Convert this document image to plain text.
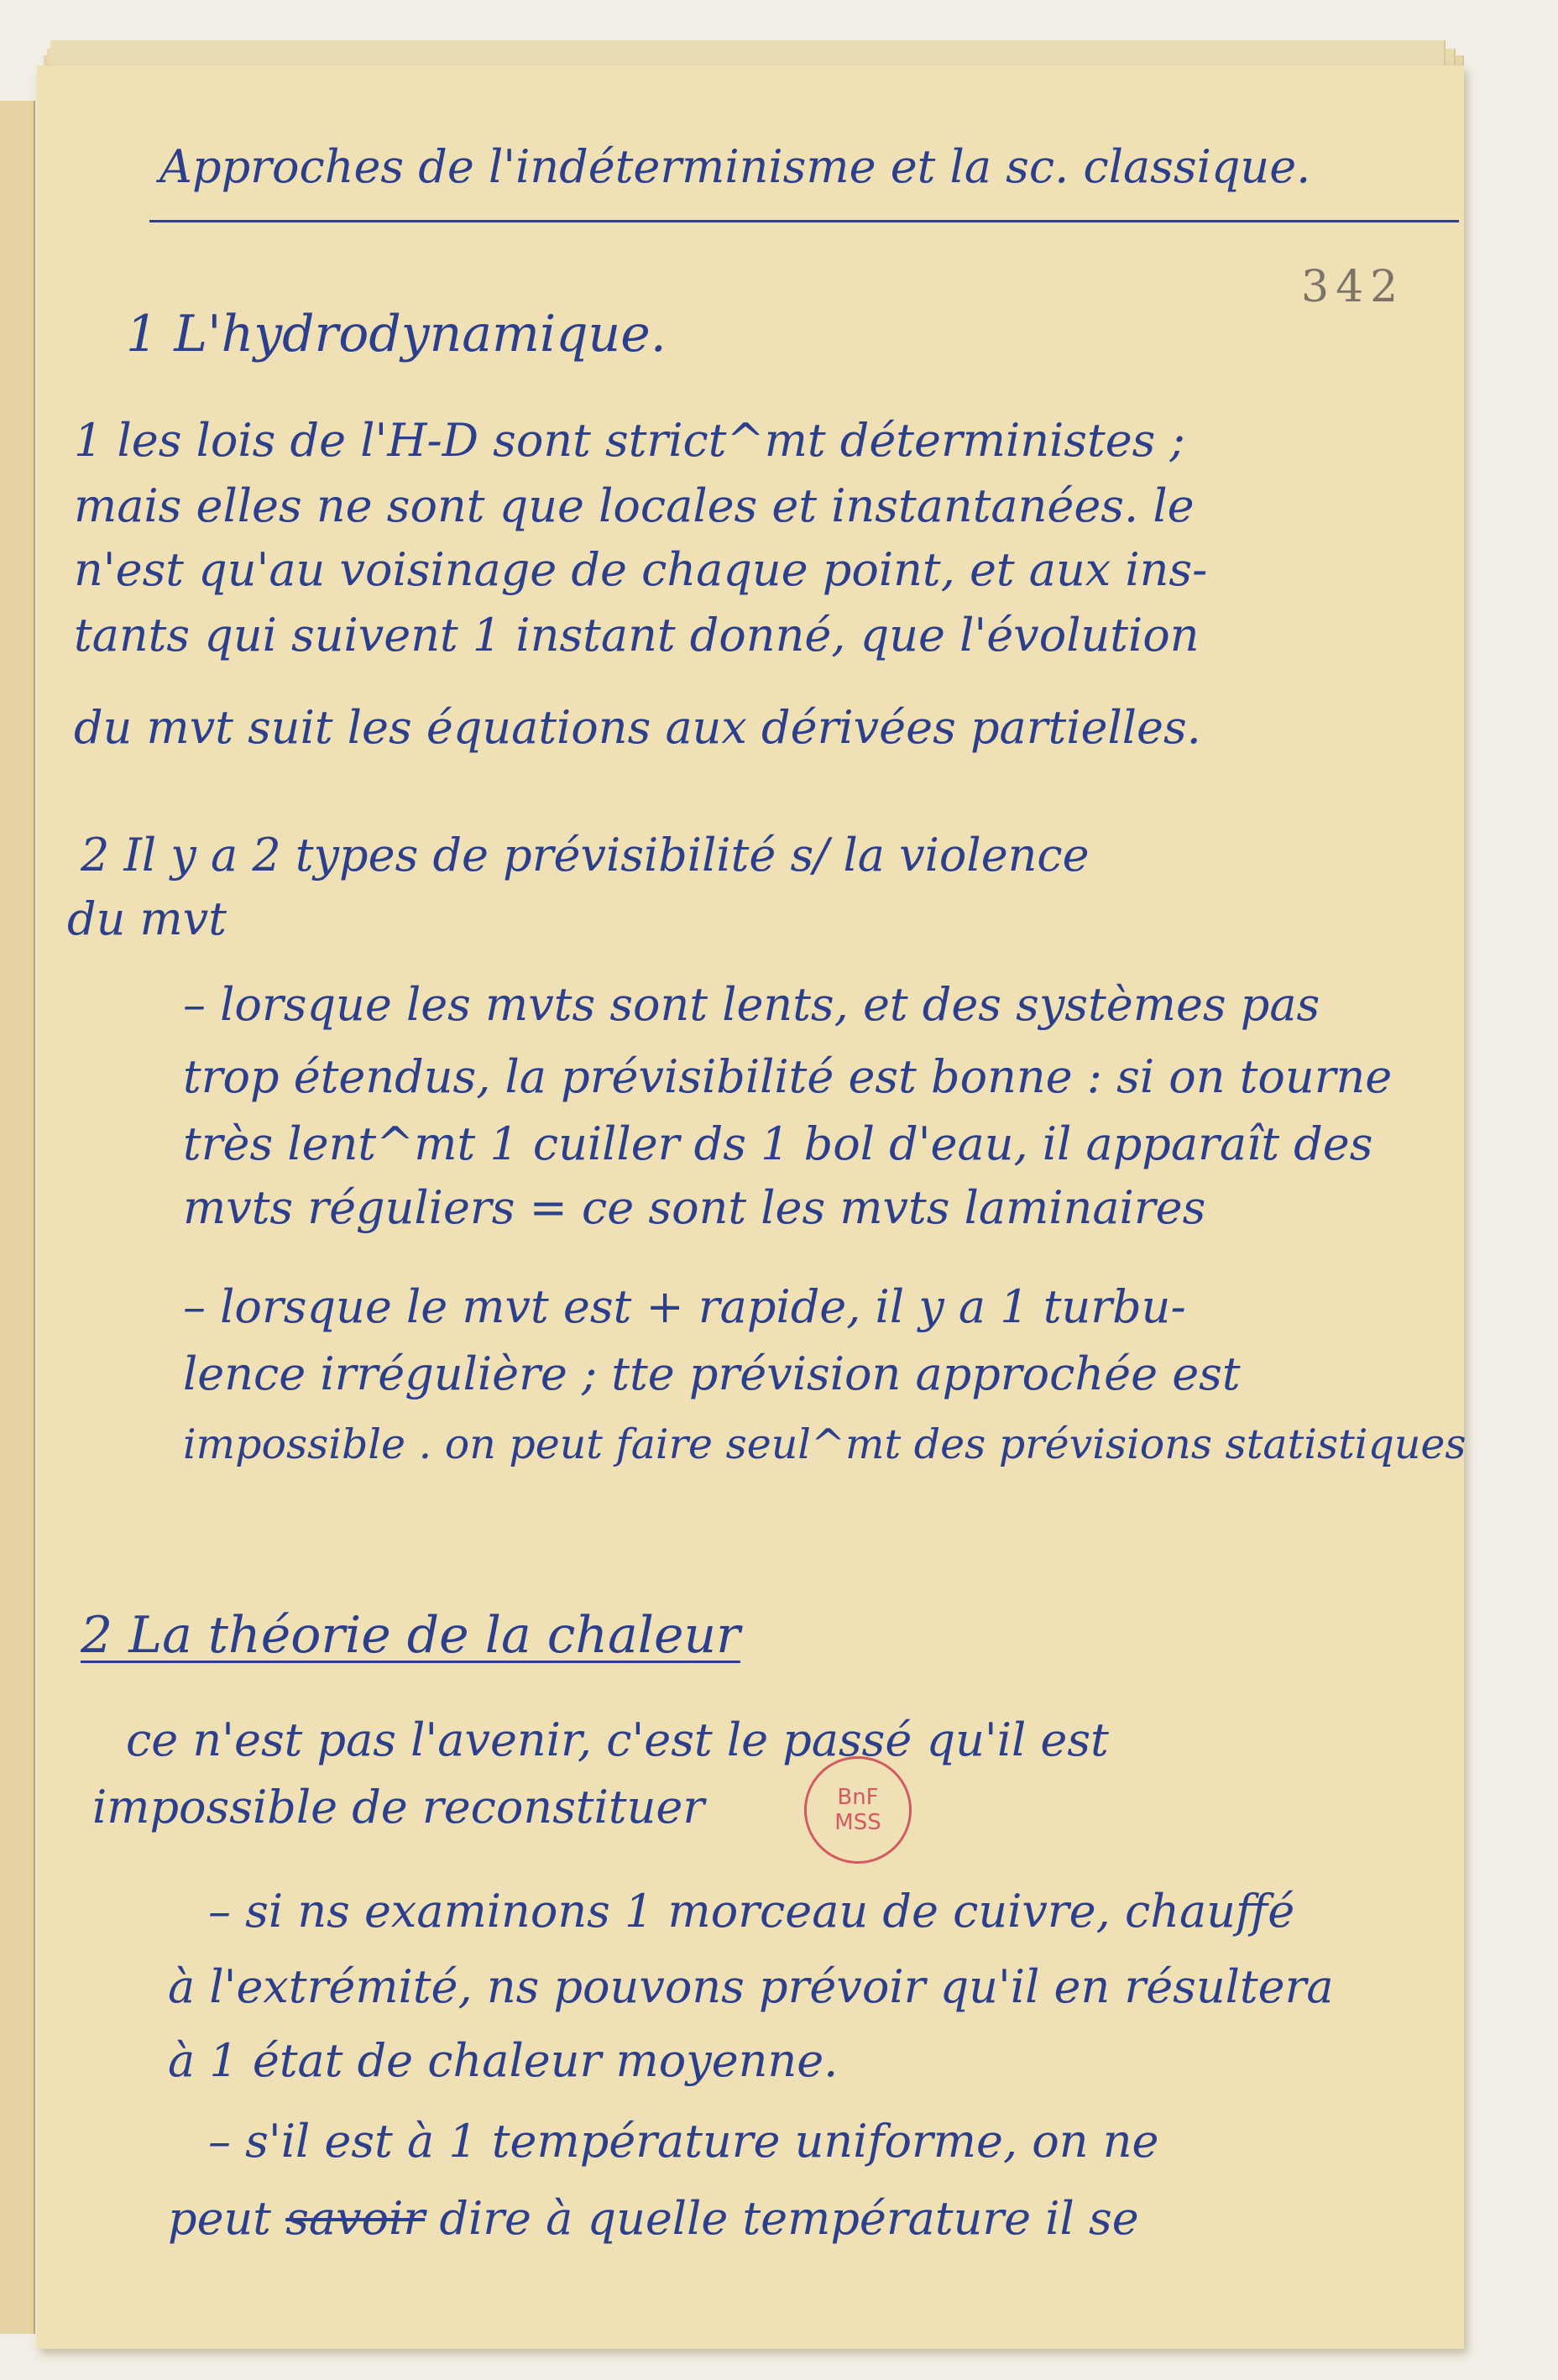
342
Approches de l'indéterminisme et la sc. classique.
1 L'hydrodynamique.
1 les lois de l'H-D sont strict^mt déterministes ;
mais elles ne sont que locales et instantanées. le
n'est qu'au voisinage de chaque point, et aux ins-
tants qui suivent 1 instant donné, que l'évolution
du mvt suit les équations aux dérivées partielles.
2 Il y a 2 types de prévisibilité s/ la violence
du mvt
– lorsque les mvts sont lents, et des systèmes pas
trop étendus, la prévisibilité est bonne : si on tourne
très lent^mt 1 cuiller ds 1 bol d'eau, il apparaît des
mvts réguliers = ce sont les mvts laminaires
– lorsque le mvt est + rapide, il y a 1 turbu-
lence irrégulière ; tte prévision approchée est
impossible . on peut faire seul^mt des prévisions statistiques
2 La théorie de la chaleur
ce n'est pas l'avenir, c'est le passé qu'il est
impossible de reconstituer	BnF
MSS
– si ns examinons 1 morceau de cuivre, chauffé
à l'extrémité, ns pouvons prévoir qu'il en résultera
à 1 état de chaleur moyenne.
– s'il est à 1 température uniforme, on ne
peut savoir dire à quelle température il se
